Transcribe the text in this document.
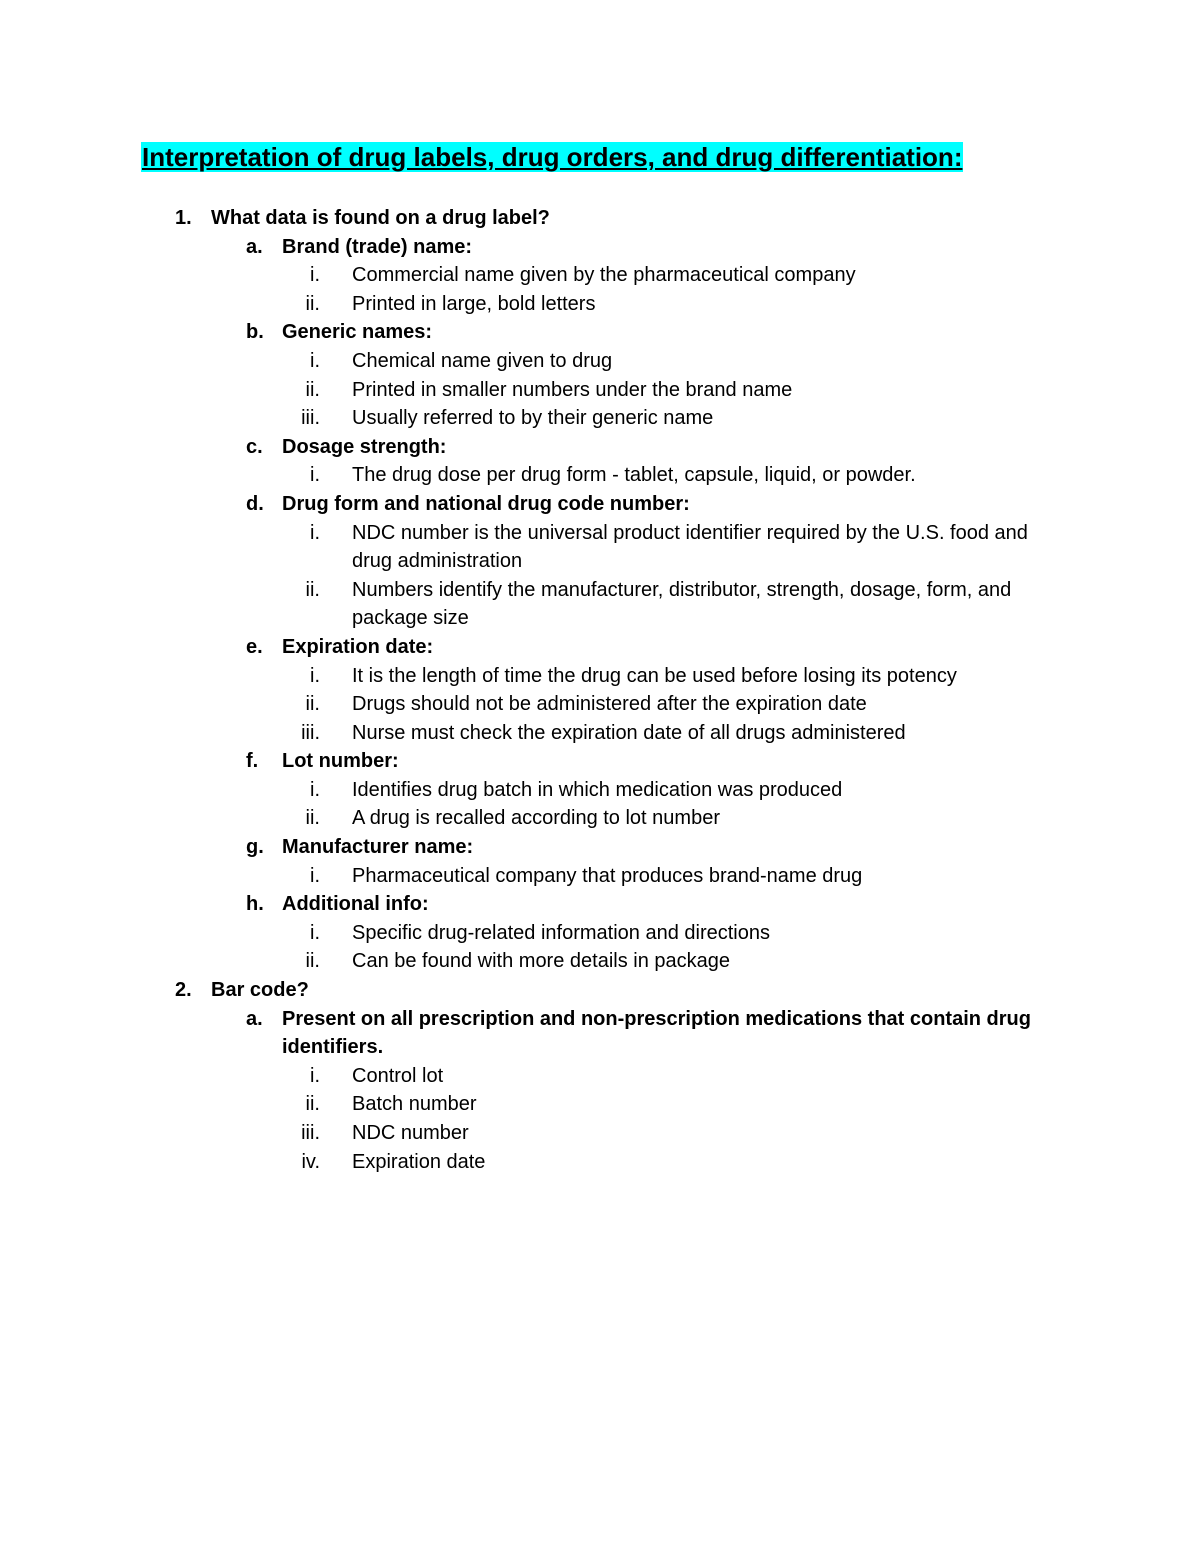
Interpretation of drug labels, drug orders, and drug differentiation:
1. What data is found on a drug label?
a. Brand (trade) name:
i. Commercial name given by the pharmaceutical company
ii. Printed in large, bold letters
b. Generic names:
i. Chemical name given to drug
ii. Printed in smaller numbers under the brand name
iii. Usually referred to by their generic name
c. Dosage strength:
i. The drug dose per drug form - tablet, capsule, liquid, or powder.
d. Drug form and national drug code number:
i. NDC number is the universal product identifier required by the U.S. food and drug administration
ii. Numbers identify the manufacturer, distributor, strength, dosage, form, and package size
e. Expiration date:
i. It is the length of time the drug can be used before losing its potency
ii. Drugs should not be administered after the expiration date
iii. Nurse must check the expiration date of all drugs administered
f. Lot number:
i. Identifies drug batch in which medication was produced
ii. A drug is recalled according to lot number
g. Manufacturer name:
i. Pharmaceutical company that produces brand-name drug
h. Additional info:
i. Specific drug-related information and directions
ii. Can be found with more details in package
2. Bar code?
a. Present on all prescription and non-prescription medications that contain drug identifiers.
i. Control lot
ii. Batch number
iii. NDC number
iv. Expiration date
